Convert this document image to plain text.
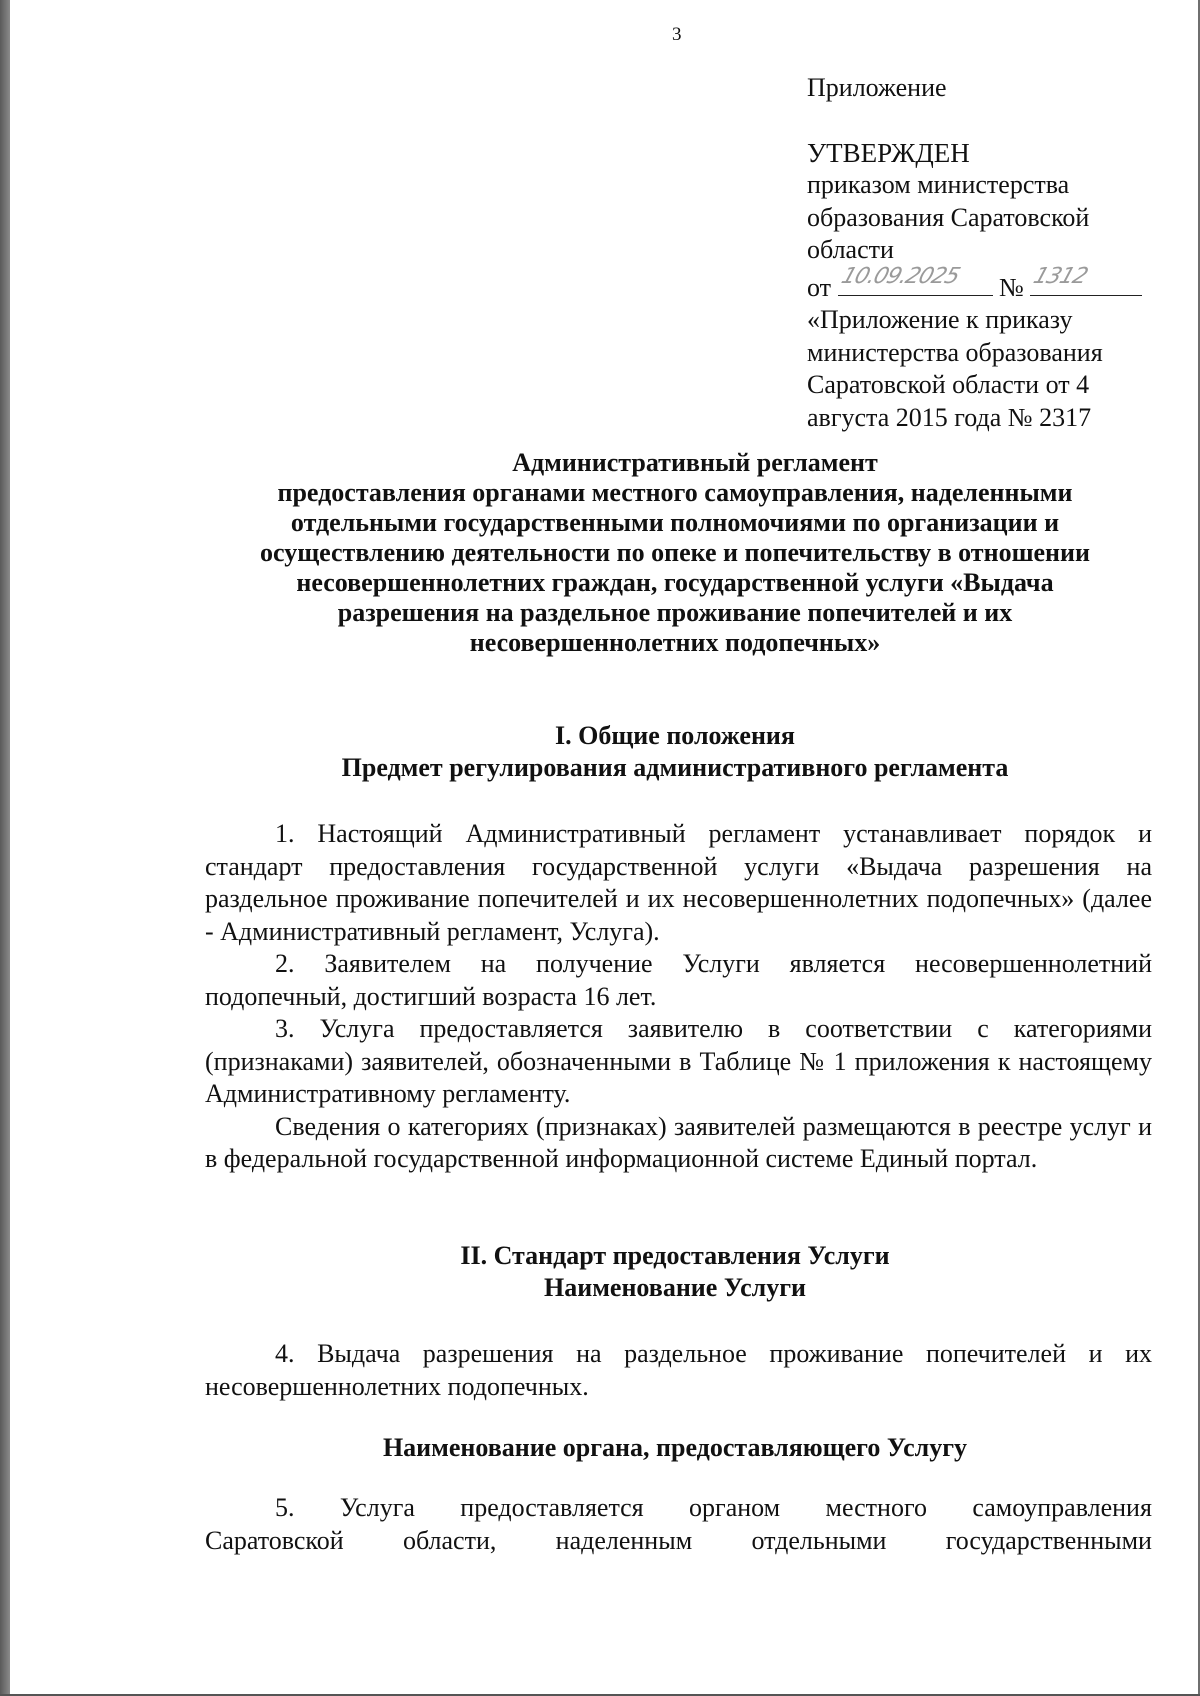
3
Приложение
УТВЕРЖДЕН
приказом министерства
образования Саратовской
области
от 10.09.2025 № 1312
«Приложение к приказу
министерства образования
Саратовской области от 4
августа 2015 года № 2317
Административный регламент
предоставления органами местного самоуправления, наделенными
отдельными государственными полномочиями по организации и
осуществлению деятельности по опеке и попечительству в отношении
несовершеннолетних граждан, государственной услуги «Выдача
разрешения на раздельное проживание попечителей и их
несовершеннолетних подопечных»
I. Общие положения
Предмет регулирования административного регламента
1. Настоящий Административный регламент устанавливает порядок и стандарт предоставления государственной услуги «Выдача разрешения на раздельное проживание попечителей и их несовершеннолетних подопечных» (далее - Административный регламент, Услуга).
2. Заявителем на получение Услуги является несовершеннолетний подопечный, достигший возраста 16 лет.
3. Услуга предоставляется заявителю в соответствии с категориями (признаками) заявителей, обозначенными в Таблице № 1 приложения к настоящему Административному регламенту.
Сведения о категориях (признаках) заявителей размещаются в реестре услуг и в федеральной государственной информационной системе Единый портал.
II. Стандарт предоставления Услуги
Наименование Услуги
4. Выдача разрешения на раздельное проживание попечителей и их несовершеннолетних подопечных.
Наименование органа, предоставляющего Услугу
5. Услуга предоставляется органом местного самоуправления
Саратовской области, наделенным отдельными государственными
